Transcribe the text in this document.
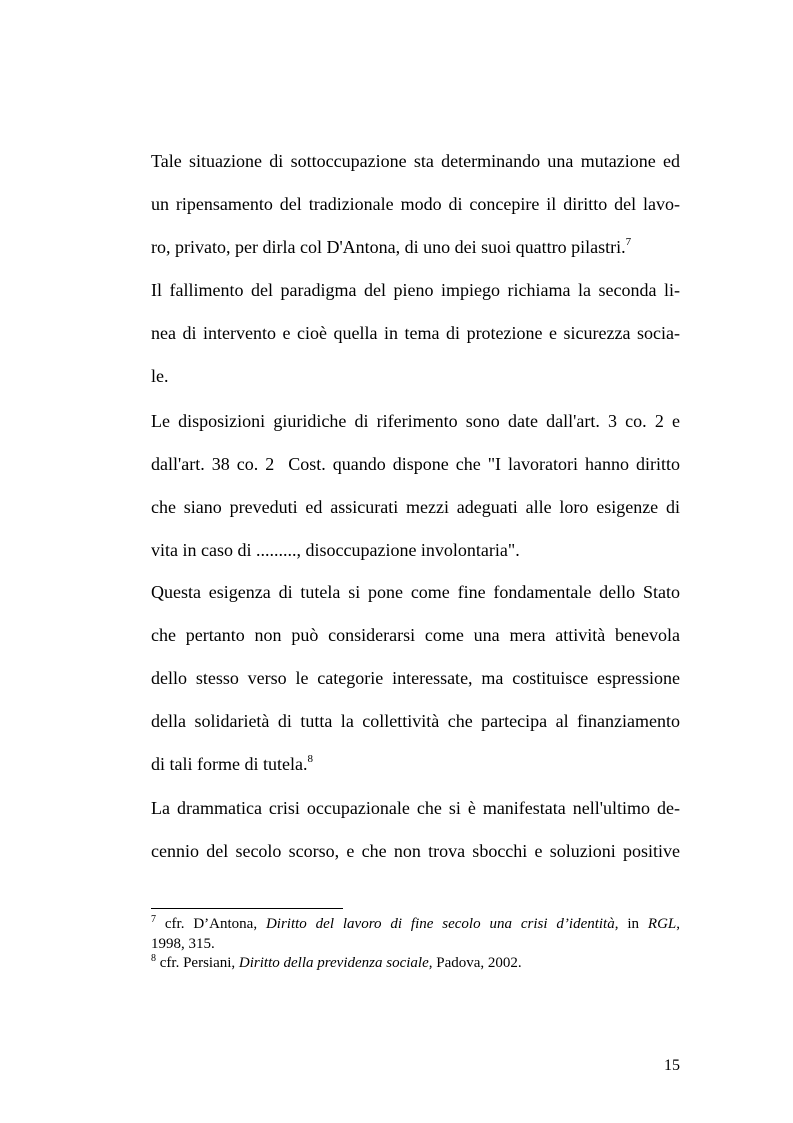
Tale situazione di sottoccupazione sta determinando una mutazione ed
un ripensamento del tradizionale modo di concepire il diritto del lavo-
ro, privato, per dirla col D'Antona, di uno dei suoi quattro pilastri.$^7$
Il fallimento del paradigma del pieno impiego richiama la seconda li-
nea di intervento e cioè quella in tema di protezione e sicurezza socia-
le.
Le disposizioni giuridiche di riferimento sono date dall'art. 3 co. 2 e
dall'art. 38 co. 2  Cost. quando dispone che "I lavoratori hanno diritto
che siano preveduti ed assicurati mezzi adeguati alle loro esigenze di
vita in caso di ........., disoccupazione involontaria".
Questa esigenza di tutela si pone come fine fondamentale dello Stato
che pertanto non può considerarsi come una mera attività benevola
dello stesso verso le categorie interessate, ma costituisce espressione
della solidarietà di tutta la collettività che partecipa al finanziamento
di tali forme di tutela.$^8$
La drammatica crisi occupazionale che si è manifestata nell'ultimo de-
cennio del secolo scorso, e che non trova sbocchi e soluzioni positive
$^7$ cfr. D’Antona, Diritto del lavoro di fine secolo una crisi d’identità, in RGL,
1998, 315.
$^8$ cfr. Persiani, Diritto della previdenza sociale, Padova, 2002.
15
